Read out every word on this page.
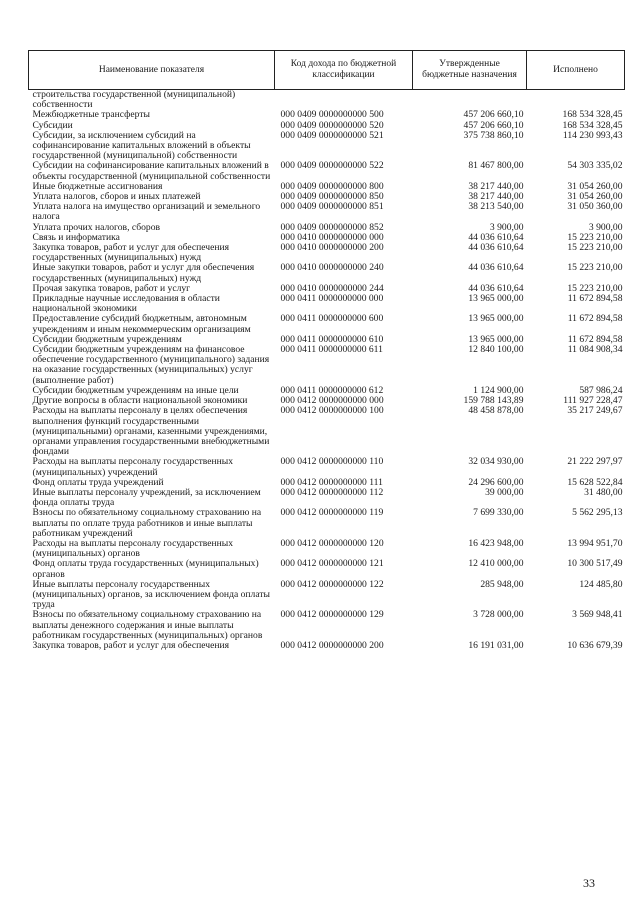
Наименование показателя	Код дохода по бюджетной классификации	Утвержденные бюджетные назначения	Исполнено
строительства государственной (муниципальной) собственности			
Межбюджетные трансферты	000 0409 0000000000 500	457 206 660,10	168 534 328,45
Субсидии	000 0409 0000000000 520	457 206 660,10	168 534 328,45
Субсидии, за исключением субсидий на софинансирование капитальных вложений в объекты государственной (муниципальной) собственности	000 0409 0000000000 521	375 738 860,10	114 230 993,43
Субсидии на софинансирование капитальных вложений в объекты государственной (муниципальной собственности	000 0409 0000000000 522	81 467 800,00	54 303 335,02
Иные бюджетные ассигнования	000 0409 0000000000 800	38 217 440,00	31 054 260,00
Уплата налогов, сборов и иных платежей	000 0409 0000000000 850	38 217 440,00	31 054 260,00
Уплата налога на имущество организаций и земельного налога	000 0409 0000000000 851	38 213 540,00	31 050 360,00
Уплата прочих налогов, сборов	000 0409 0000000000 852	3 900,00	3 900,00
Связь и информатика	000 0410 0000000000 000	44 036 610,64	15 223 210,00
Закупка товаров, работ и услуг для обеспечения государственных (муниципальных) нужд	000 0410 0000000000 200	44 036 610,64	15 223 210,00
Иные закупки товаров, работ и услуг для обеспечения государственных (муниципальных) нужд	000 0410 0000000000 240	44 036 610,64	15 223 210,00
Прочая закупка товаров, работ и услуг	000 0410 0000000000 244	44 036 610,64	15 223 210,00
Прикладные научные исследования в области национальной экономики	000 0411 0000000000 000	13 965 000,00	11 672 894,58
Предоставление субсидий бюджетным, автономным учреждениям и иным некоммерческим организациям	000 0411 0000000000 600	13 965 000,00	11 672 894,58
Субсидии бюджетным учреждениям	000 0411 0000000000 610	13 965 000,00	11 672 894,58
Субсидии бюджетным учреждениям на финансовое обеспечение государственного (муниципального) задания на оказание государственных (муниципальных) услуг (выполнение работ)	000 0411 0000000000 611	12 840 100,00	11 084 908,34
Субсидии бюджетным учреждениям на иные цели	000 0411 0000000000 612	1 124 900,00	587 986,24
Другие вопросы в области национальной экономики	000 0412 0000000000 000	159 788 143,89	111 927 228,47
Расходы на выплаты персоналу в целях обеспечения выполнения функций государственными (муниципальными) органами, казенными учреждениями, органами управления государственными внебюджетными фондами	000 0412 0000000000 100	48 458 878,00	35 217 249,67
Расходы на выплаты персоналу государственных (муниципальных) учреждений	000 0412 0000000000 110	32 034 930,00	21 222 297,97
Фонд оплаты труда учреждений	000 0412 0000000000 111	24 296 600,00	15 628 522,84
Иные выплаты персоналу учреждений, за исключением фонда оплаты труда	000 0412 0000000000 112	39 000,00	31 480,00
Взносы по обязательному социальному страхованию на выплаты по оплате труда работников и иные выплаты работникам учреждений	000 0412 0000000000 119	7 699 330,00	5 562 295,13
Расходы на выплаты персоналу государственных (муниципальных) органов	000 0412 0000000000 120	16 423 948,00	13 994 951,70
Фонд оплаты труда государственных (муниципальных) органов	000 0412 0000000000 121	12 410 000,00	10 300 517,49
Иные выплаты персоналу государственных (муниципальных) органов, за исключением фонда оплаты труда	000 0412 0000000000 122	285 948,00	124 485,80
Взносы по обязательному социальному страхованию на выплаты денежного содержания и иные выплаты работникам государственных (муниципальных) органов	000 0412 0000000000 129	3 728 000,00	3 569 948,41
Закупка товаров, работ и услуг для обеспечения	000 0412 0000000000 200	16 191 031,00	10 636 679,39
33
